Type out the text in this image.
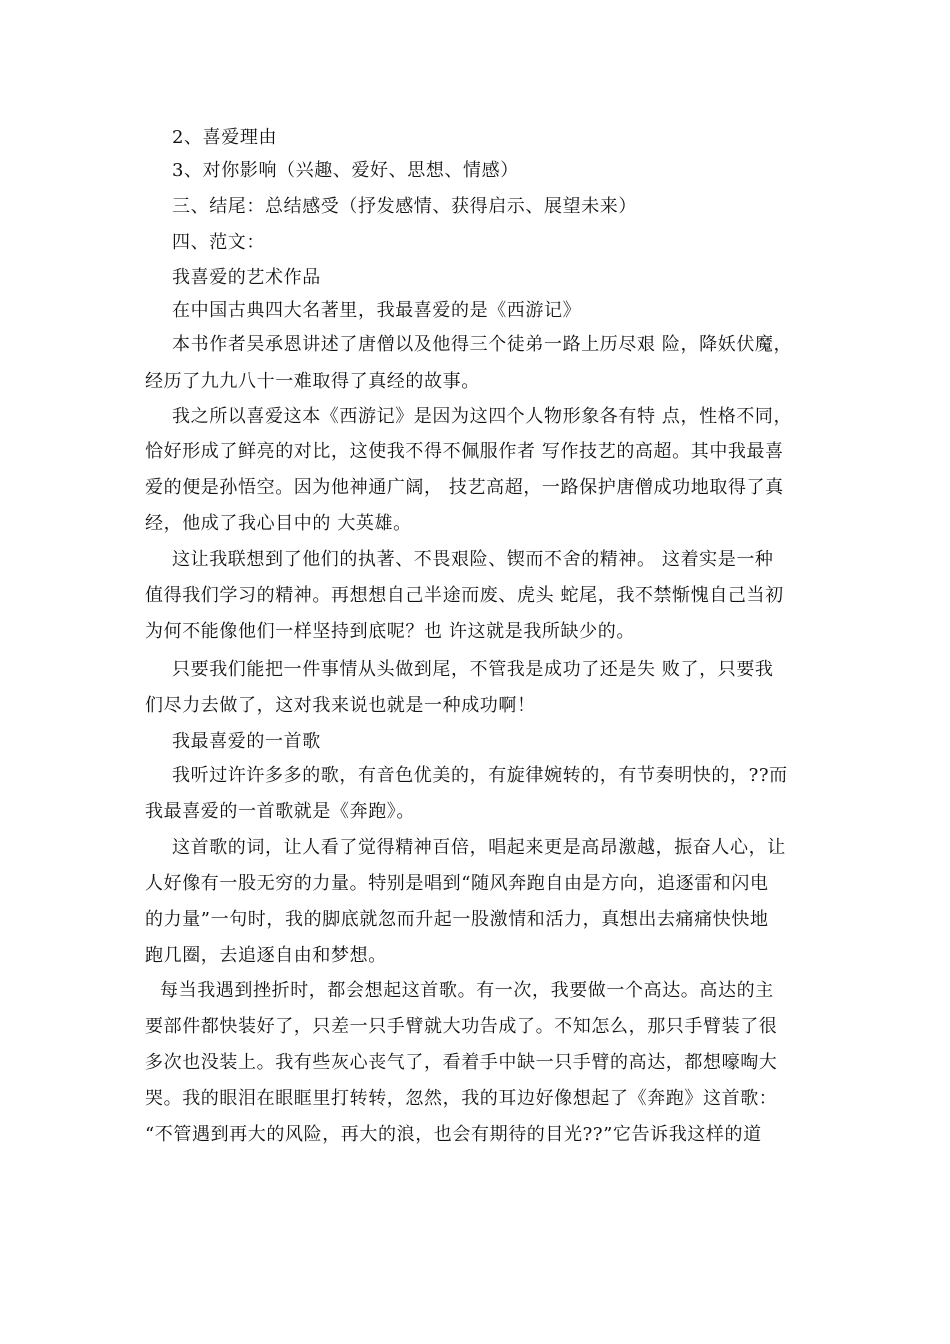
2、喜爱理由
3、对你影响（兴趣、爱好、思想、情感）
三、结尾：总结感受（抒发感情、获得启示、展望未来）
四、范文：
我喜爱的艺术作品
在中国古典四大名著里，我最喜爱的是《西游记》
本书作者吴承恩讲述了唐僧以及他得三个徒弟一路上历尽艰 险，降妖伏魔，
经历了九九八十一难取得了真经的故事。
我之所以喜爱这本《西游记》是因为这四个人物形象各有特 点，性格不同，
恰好形成了鲜亮的对比，这使我不得不佩服作者 写作技艺的高超。其中我最喜
爱的便是孙悟空。因为他神通广阔， 技艺高超，一路保护唐僧成功地取得了真
经，他成了我心目中的 大英雄。
这让我联想到了他们的执著、不畏艰险、锲而不舍的精神。 这着实是一种
值得我们学习的精神。再想想自己半途而废、虎头 蛇尾，我不禁惭愧自己当初
为何不能像他们一样坚持到底呢？也 许这就是我所缺少的。
只要我们能把一件事情从头做到尾，不管我是成功了还是失 败了，只要我
们尽力去做了，这对我来说也就是一种成功啊！
我最喜爱的一首歌
我听过许许多多的歌，有音色优美的，有旋律婉转的，有节奏明快的，??而
我最喜爱的一首歌就是《奔跑》。
这首歌的词，让人看了觉得精神百倍，唱起来更是高昂激越，振奋人心，让
人好像有一股无穷的力量。特别是唱到“随风奔跑自由是方向，追逐雷和闪电
的力量”一句时，我的脚底就忽而升起一股激情和活力，真想出去痛痛快快地
跑几圈，去追逐自由和梦想。
每当我遇到挫折时，都会想起这首歌。有一次，我要做一个高达。高达的主
要部件都快装好了，只差一只手臂就大功告成了。不知怎么，那只手臂装了很
多次也没装上。我有些灰心丧气了，看着手中缺一只手臂的高达，都想嚎啕大
哭。我的眼泪在眼眶里打转转，忽然，我的耳边好像想起了《奔跑》这首歌：
“不管遇到再大的风险，再大的浪，也会有期待的目光??”它告诉我这样的道
